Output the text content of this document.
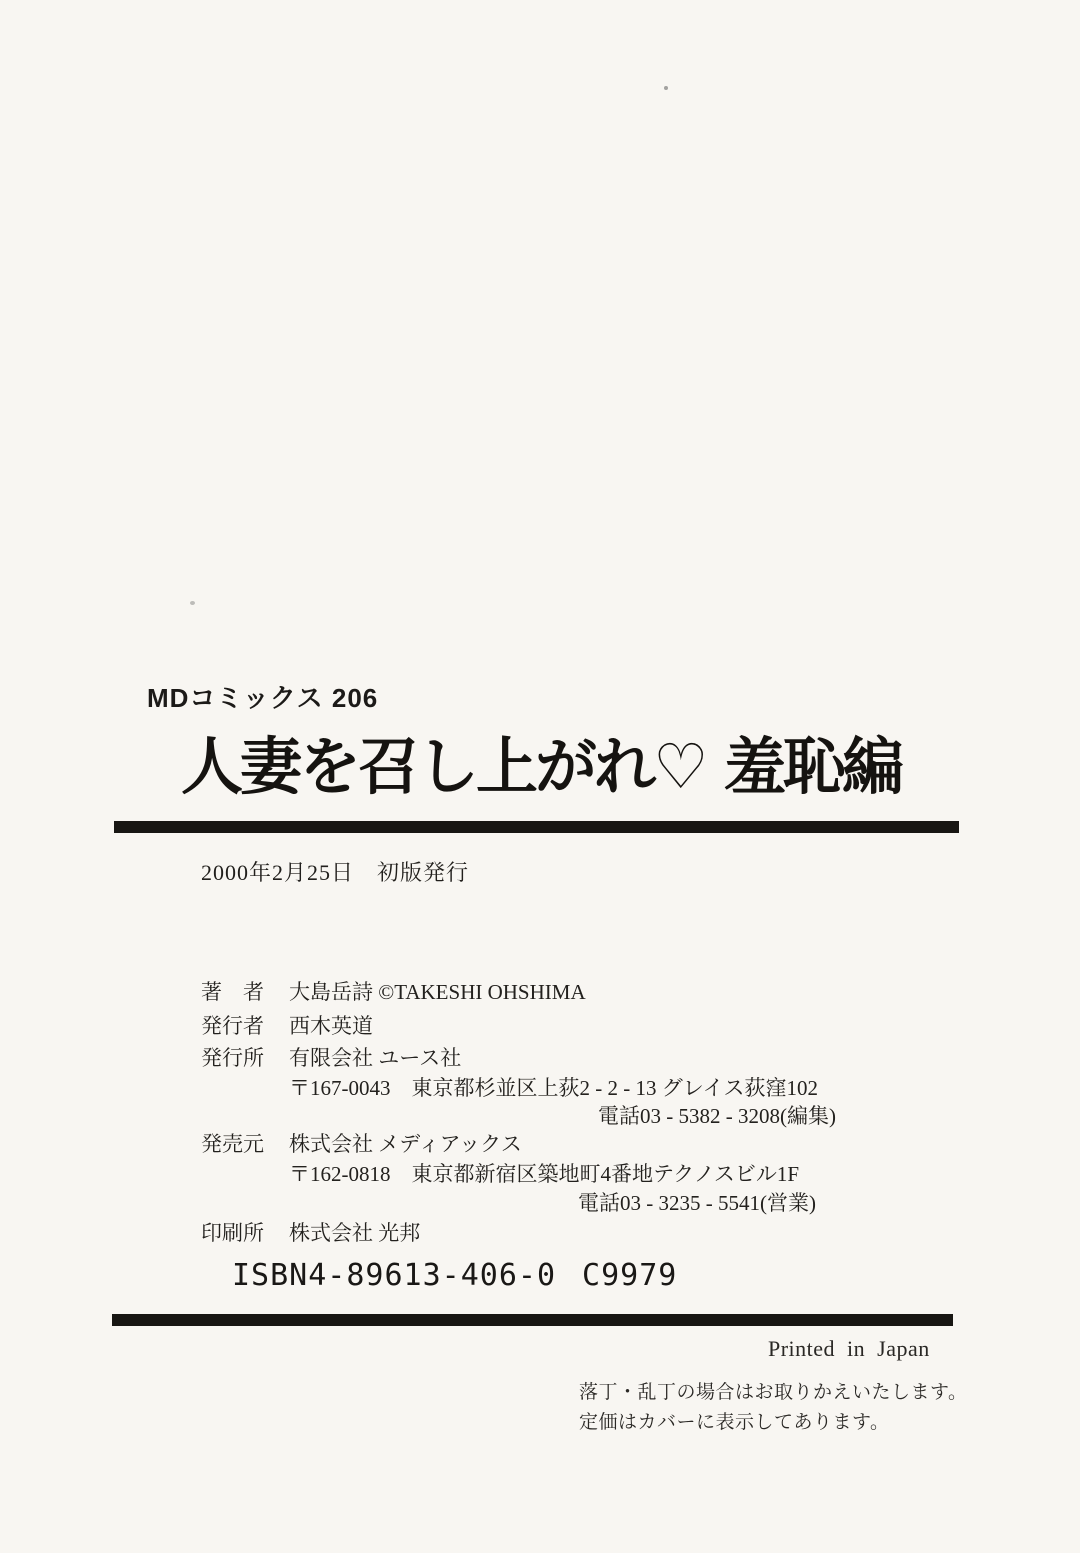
MDコミックス 206
人妻を召し上がれ♡ 羞恥編
2000年2月25日　初版発行
著　者 大島岳詩 ©TAKESHI OHSHIMA
発行者 西木英道
発行所 有限会社 ユース社
〒167-0043　東京都杉並区上荻2 - 2 - 13 グレイス荻窪102
電話03 - 5382 - 3208(編集)
発売元 株式会社 メディアックス
〒162-0818　東京都新宿区築地町4番地テクノスビル1F
電話03 - 3235 - 5541(営業)
印刷所 株式会社 光邦
ISBN4-89613-406-0 C9979
Printed in Japan
落丁・乱丁の場合はお取りかえいたします。
定価はカバーに表示してあります。
